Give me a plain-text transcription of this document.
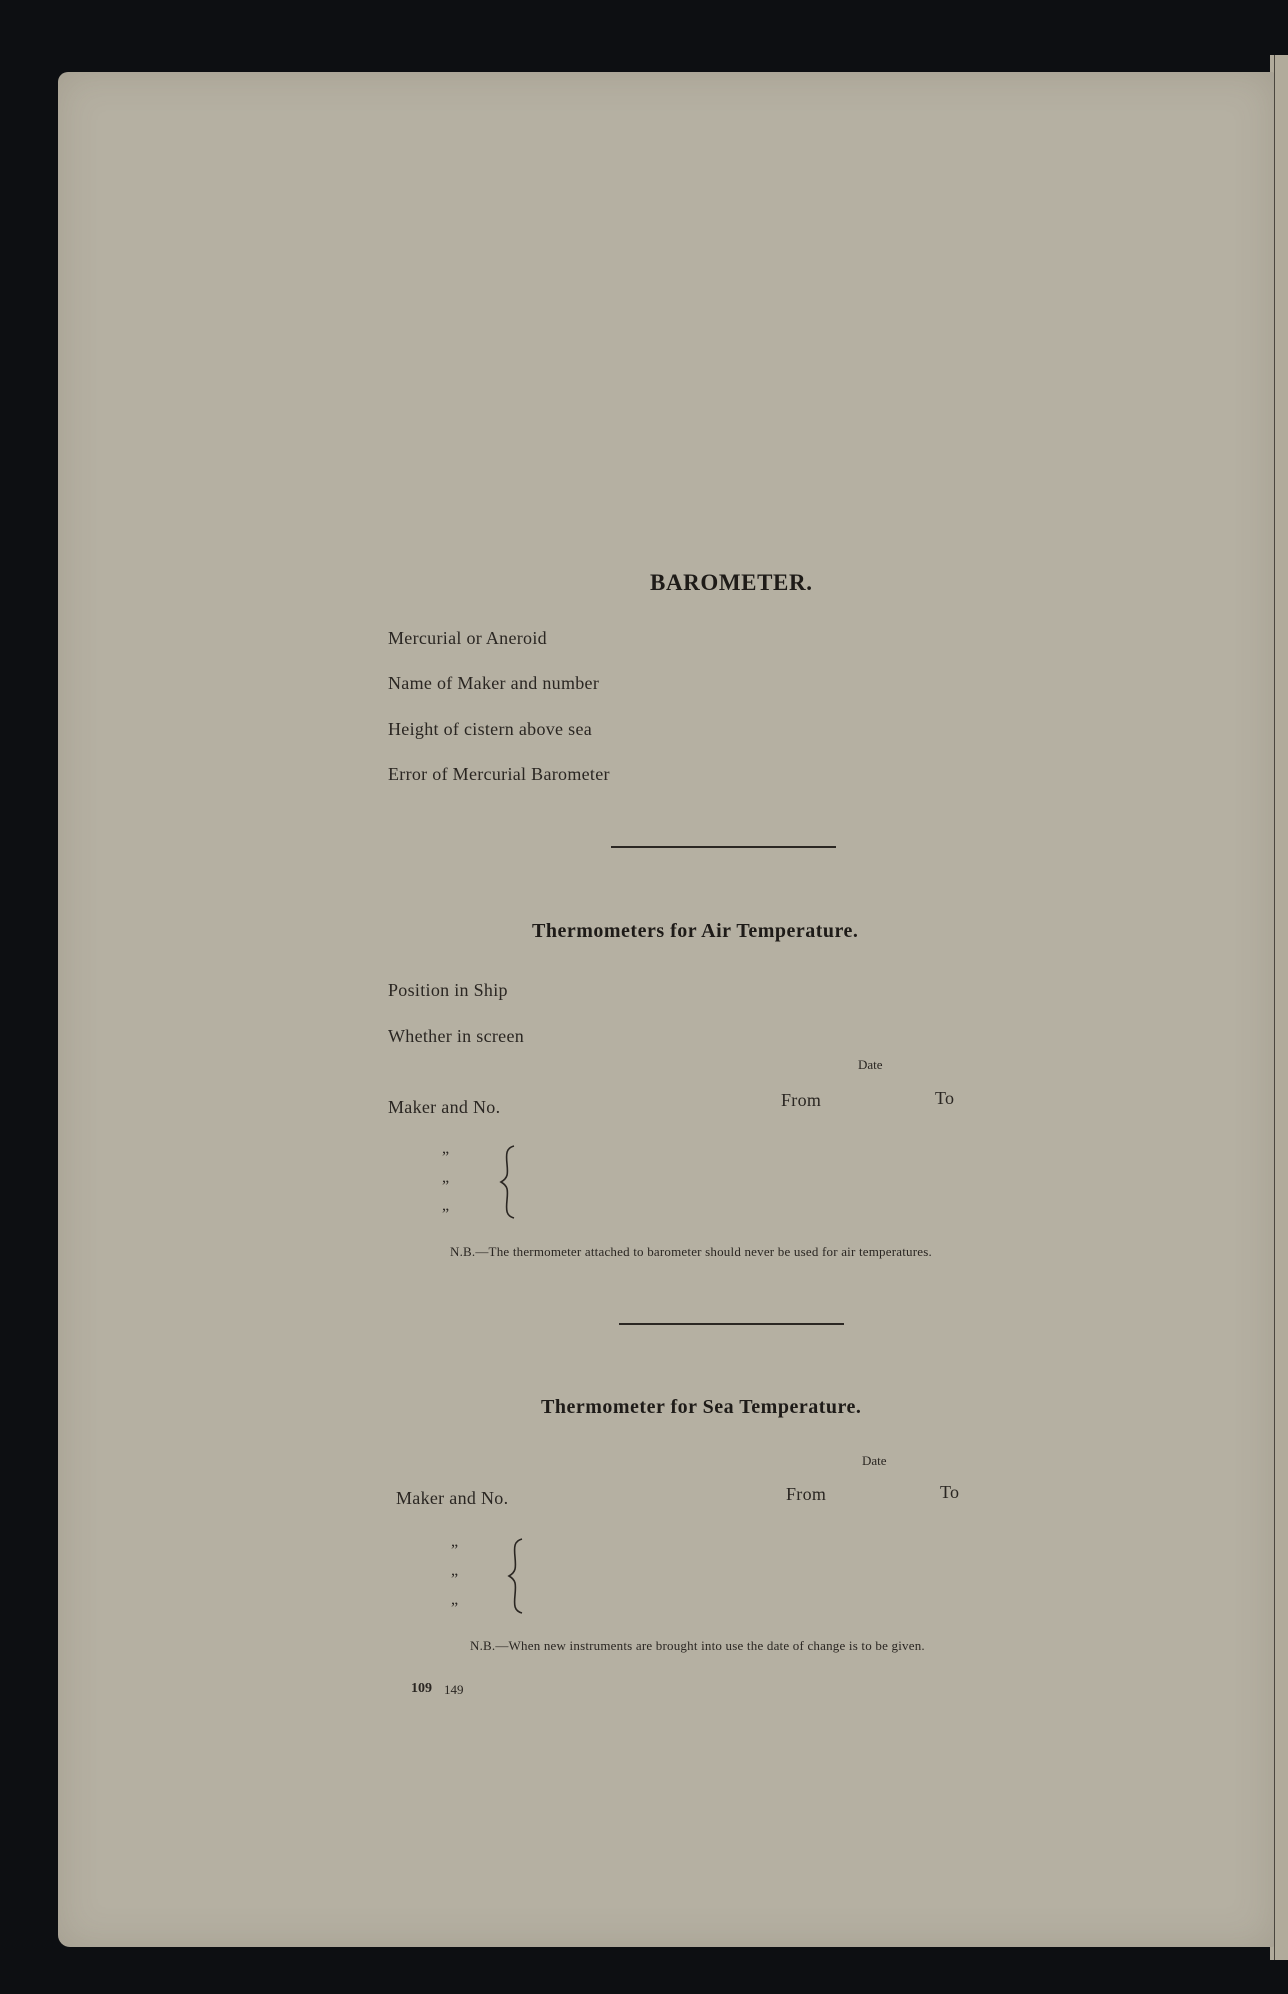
BAROMETER.
Mercurial or Aneroid
Name of Maker and number
Height of cistern above sea
Error of Mercurial Barometer
Thermometers for Air Temperature.
Position in Ship
Whether in screen
Date
From	To
Maker and No.
”
”
”
N.B.—The thermometer attached to barometer should never be used for air temperatures.
Thermometer for Sea Temperature.
Date
From	To
Maker and No.
”
”
”
N.B.—When new instruments are brought into use the date of change is to be given.
109 149
